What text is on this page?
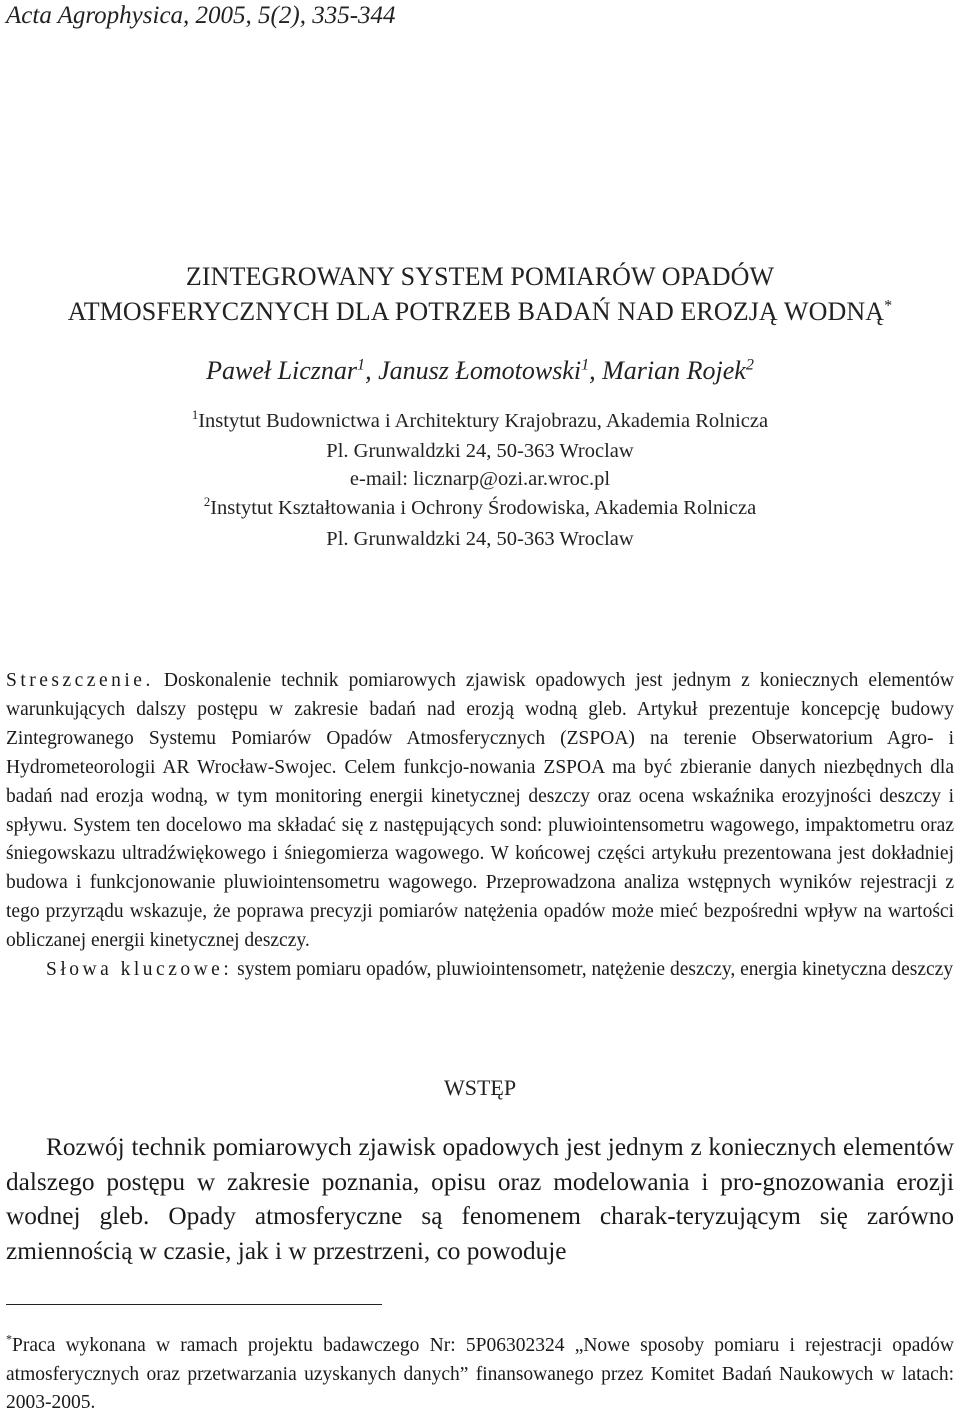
Acta Agrophysica, 2005, 5(2), 335-344
ZINTEGROWANY SYSTEM POMIARÓW OPADÓW
ATMOSFERYCZNYCH DLA POTRZEB BADAŃ NAD EROZJĄ WODNĄ*
Paweł Licznar$^1$, Janusz Łomotowski$^1$, Marian Rojek$^2$
$^1$Instytut Budownictwa i Architektury Krajobrazu, Akademia Rolnicza
Pl. Grunwaldzki 24, 50-363 Wroclaw
e-mail: licznarp@ozi.ar.wroc.pl
$^2$Instytut Kształtowania i Ochrony Środowiska, Akademia Rolnicza
Pl. Grunwaldzki 24, 50-363 Wroclaw

Streszczenie. Doskonalenie technik pomiarowych zjawisk opadowych jest jednym z koniecznych elementów warunkujących dalszy postępu w zakresie badań nad erozją wodną gleb. Artykuł prezentuje koncepcję budowy Zintegrowanego Systemu Pomiarów Opadów Atmosferycznych (ZSPOA) na terenie Obserwatorium Agro- i Hydrometeorologii AR Wrocław-Swojec. Celem funkcjo-nowania ZSPOA ma być zbieranie danych niezbędnych dla badań nad erozja wodną, w tym monitoring energii kinetycznej deszczy oraz ocena wskaźnika erozyjności deszczy i spływu. System ten docelowo ma składać się z następujących sond: pluwiointensometru wagowego, impaktometru oraz śniegowskazu ultradźwiękowego i śniegomierza wagowego. W końcowej części artykułu prezentowana jest dokładniej budowa i funkcjonowanie pluwiointensometru wagowego. Przeprowadzona analiza wstępnych wyników rejestracji z tego przyrządu wskazuje, że poprawa precyzji pomiarów natężenia opadów może mieć bezpośredni wpływ na wartości obliczanej energii kinetycznej deszczy.

Słowa kluczowe: system pomiaru opadów, pluwiointensometr, natężenie deszczy, energia kinetyczna deszczy

WSTĘP

Rozwój technik pomiarowych zjawisk opadowych jest jednym z koniecznych elementów dalszego postępu w zakresie poznania, opisu oraz modelowania i pro-gnozowania erozji wodnej gleb. Opady atmosferyczne są fenomenem charak-teryzującym się zarówno zmiennością w czasie, jak i w przestrzeni, co powoduje

*Praca wykonana w ramach projektu badawczego Nr: 5P06302324 „Nowe sposoby pomiaru i rejestracji opadów atmosferycznych oraz przetwarzania uzyskanych danych” finansowanego przez Komitet Badań Naukowych w latach: 2003-2005.
